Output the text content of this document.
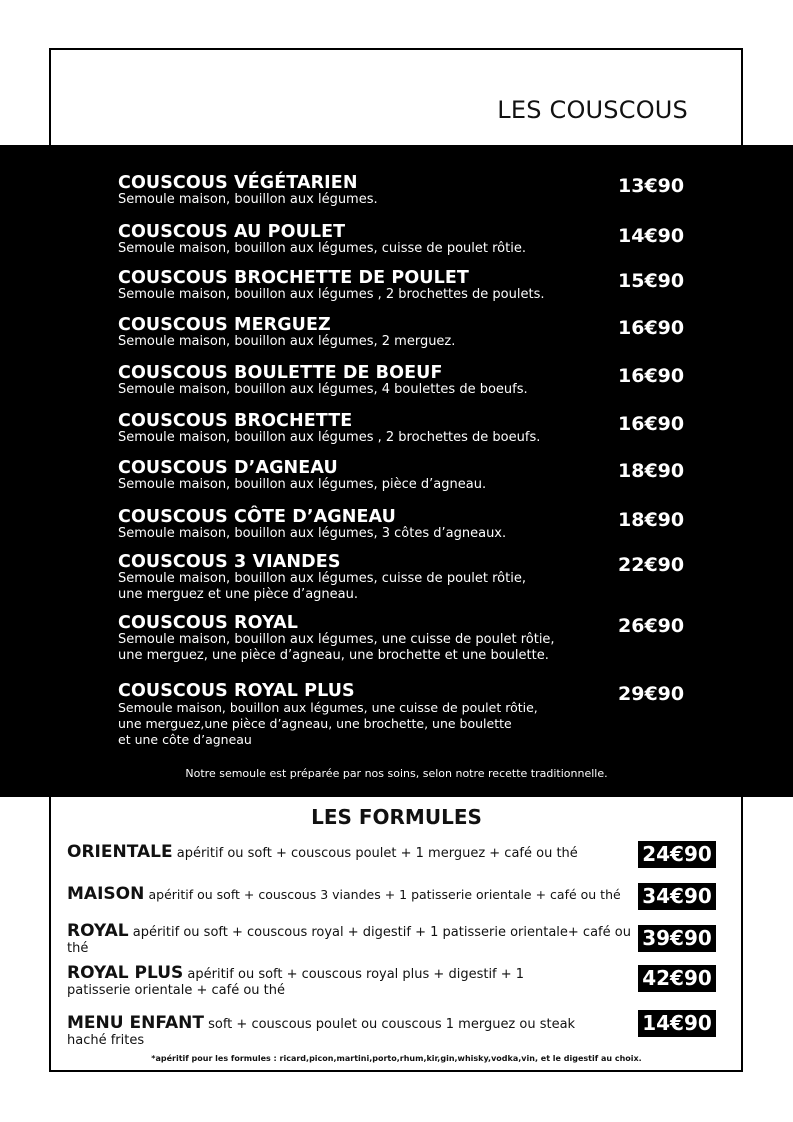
LES COUSCOUS
COUSCOUS VÉGÉTARIEN
Semoule maison, bouillon aux légumes.
13€90
COUSCOUS AU POULET
Semoule maison, bouillon aux légumes, cuisse de poulet rôtie.
14€90
COUSCOUS BROCHETTE DE POULET
Semoule maison, bouillon aux légumes , 2 brochettes de poulets.
15€90
COUSCOUS MERGUEZ
Semoule maison, bouillon aux légumes, 2 merguez.
16€90
COUSCOUS BOULETTE DE BOEUF
Semoule maison, bouillon aux légumes, 4 boulettes de boeufs.
16€90
COUSCOUS BROCHETTE
Semoule maison, bouillon aux légumes , 2 brochettes de boeufs.
16€90
COUSCOUS D’AGNEAU
Semoule maison, bouillon aux légumes, pièce d’agneau.
18€90
COUSCOUS CÔTE D’AGNEAU
Semoule maison, bouillon aux légumes, 3 côtes d’agneaux.
18€90
COUSCOUS 3 VIANDES
Semoule maison, bouillon aux légumes, cuisse de poulet rôtie,
une merguez et une pièce d’agneau.
22€90
COUSCOUS ROYAL
Semoule maison, bouillon aux légumes, une cuisse de poulet rôtie,
une merguez, une pièce d’agneau, une brochette et une boulette.
26€90
COUSCOUS ROYAL PLUS
Semoule maison, bouillon aux légumes, une cuisse de poulet rôtie,
une merguez,une pièce d’agneau, une brochette, une boulette
et une côte d’agneau
29€90
Notre semoule est préparée par nos soins, selon notre recette traditionnelle.
LES FORMULES
ORIENTALE apéritif ou soft + couscous poulet + 1 merguez + café ou thé	24€90
MAISON apéritif ou soft + couscous 3 viandes + 1 patisserie orientale + café ou thé	34€90
ROYAL apéritif ou soft + couscous royal + digestif + 1 patisserie orientale+ café ou thé	39€90
ROYAL PLUS apéritif ou soft + couscous royal plus + digestif + 1 patisserie orientale + café ou thé
42€90
MENU ENFANT soft + couscous poulet ou couscous 1 merguez ou steak haché frites
14€90
*apéritif pour les formules : ricard,picon,martini,porto,rhum,kir,gin,whisky,vodka,vin, et le digestif au choix.
